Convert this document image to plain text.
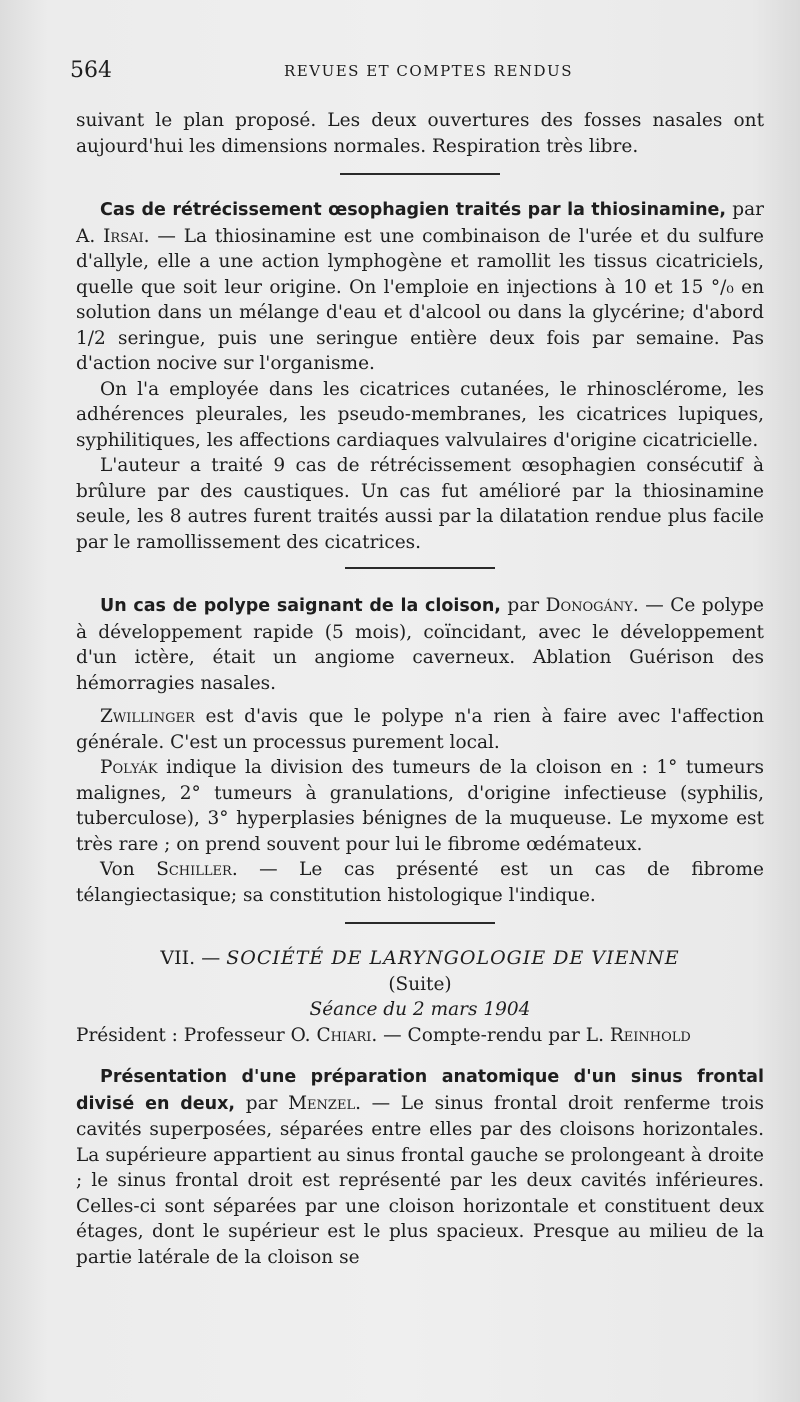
564	REVUES ET COMPTES RENDUS

suivant le plan proposé. Les deux ouvertures des fosses nasales ont aujourd'hui les dimensions normales. Respiration très libre.

Cas de rétrécissement œsophagien traités par la thiosinamine, par A. Irsai. — La thiosinamine est une combinaison de l'urée et du sulfure d'allyle, elle a une action lymphogène et ramollit les tissus cicatriciels, quelle que soit leur origine. On l'emploie en injections à 10 et 15 °/₀ en solution dans un mélange d'eau et d'alcool ou dans la glycérine; d'abord 1/2 seringue, puis une seringue entière deux fois par semaine. Pas d'action nocive sur l'organisme.

On l'a employée dans les cicatrices cutanées, le rhinosclérome, les adhérences pleurales, les pseudo-membranes, les cicatrices lupiques, syphilitiques, les affections cardiaques valvulaires d'origine cicatricielle.

L'auteur a traité 9 cas de rétrécissement œsophagien consécutif à brûlure par des caustiques. Un cas fut amélioré par la thiosinamine seule, les 8 autres furent traités aussi par la dilatation rendue plus facile par le ramollissement des cicatrices.

Un cas de polype saignant de la cloison, par Donogány. — Ce polype à développement rapide (5 mois), coïncidant, avec le développement d'un ictère, était un angiome caverneux. Ablation Guérison des hémorragies nasales.

Zwillinger est d'avis que le polype n'a rien à faire avec l'affection générale. C'est un processus purement local.

Polyák indique la division des tumeurs de la cloison en : 1° tumeurs malignes, 2° tumeurs à granulations, d'origine infectieuse (syphilis, tuberculose), 3° hyperplasies bénignes de la muqueuse. Le myxome est très rare ; on prend souvent pour lui le fibrome œdémateux.

Von Schiller. — Le cas présenté est un cas de fibrome télangiectasique; sa constitution histologique l'indique.

VII. — SOCIÉTÉ DE LARYNGOLOGIE DE VIENNE

(Suite)

Séance du 2 mars 1904

Président : Professeur O. Chiari. — Compte-rendu par L. Reinhold

Présentation d'une préparation anatomique d'un sinus frontal divisé en deux, par Menzel. — Le sinus frontal droit renferme trois cavités superposées, séparées entre elles par des cloisons horizontales. La supérieure appartient au sinus frontal gauche se prolongeant à droite ; le sinus frontal droit est représenté par les deux cavités inférieures. Celles-ci sont séparées par une cloison horizontale et constituent deux étages, dont le supérieur est le plus spacieux. Presque au milieu de la partie latérale de la cloison se
